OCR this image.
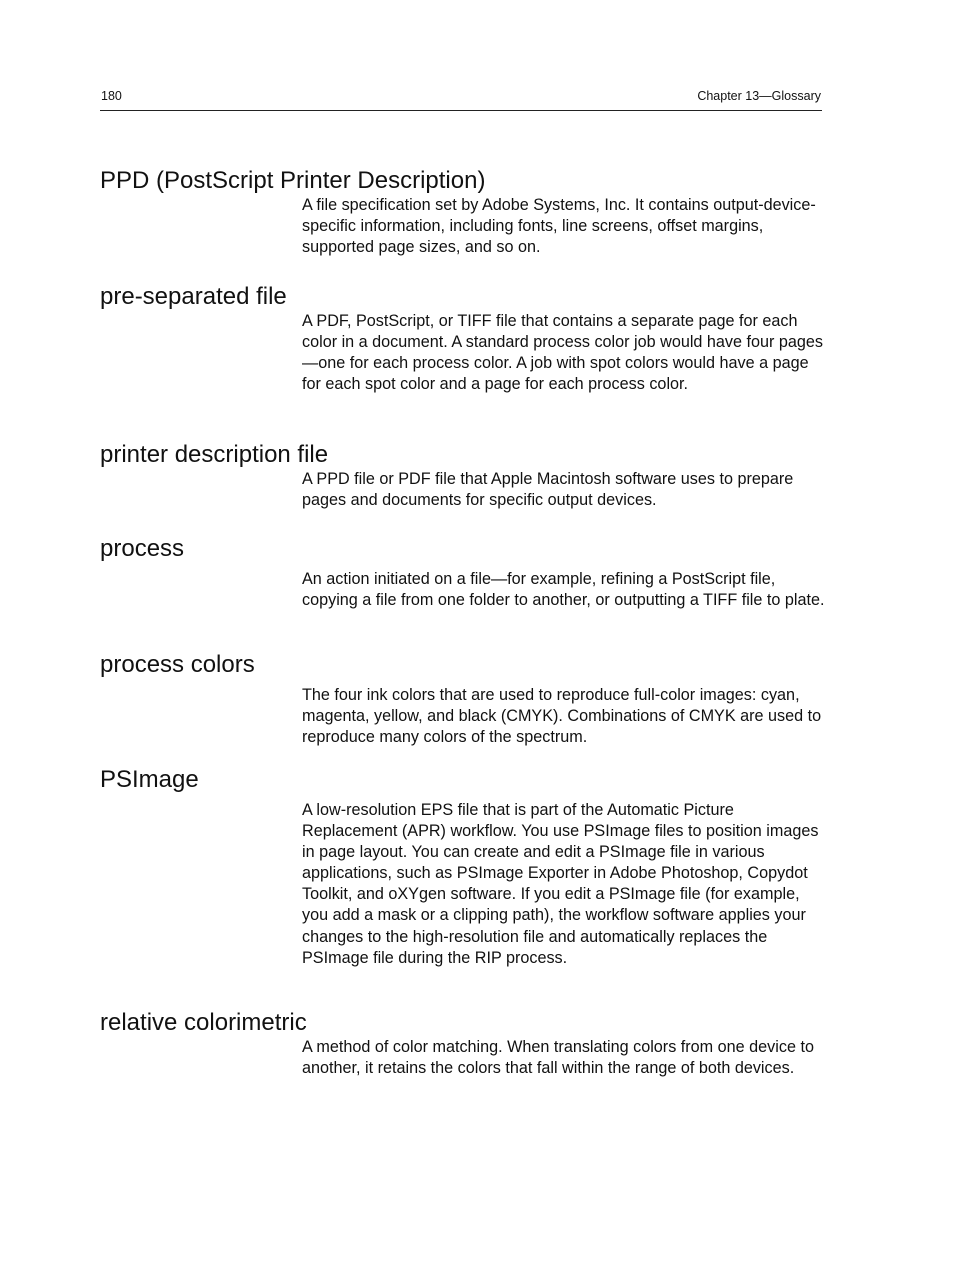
180	Chapter 13—Glossary
PPD (PostScript Printer Description)

A file specification set by Adobe Systems, Inc. It contains output-device-specific information, including fonts, line screens, offset margins, supported page sizes, and so on.

pre-separated file

A PDF, PostScript, or TIFF file that contains a separate page for each color in a document. A standard process color job would have four pages—one for each process color. A job with spot colors would have a page for each spot color and a page for each process color.

printer description file

A PPD file or PDF file that Apple Macintosh software uses to prepare pages and documents for specific output devices.

process

An action initiated on a file—for example, refining a PostScript file, copying a file from one folder to another, or outputting a TIFF file to plate.

process colors

The four ink colors that are used to reproduce full-color images: cyan, magenta, yellow, and black (CMYK). Combinations of CMYK are used to reproduce many colors of the spectrum.

PSImage

A low-resolution EPS file that is part of the Automatic Picture Replacement (APR) workflow. You use PSImage files to position images in page layout. You can create and edit a PSImage file in various applications, such as PSImage Exporter in Adobe Photoshop, Copydot Toolkit, and oXYgen software. If you edit a PSImage file (for example, you add a mask or a clipping path), the workflow software applies your changes to the high-resolution file and automatically replaces the PSImage file during the RIP process.

relative colorimetric

A method of color matching. When translating colors from one device to another, it retains the colors that fall within the range of both devices.
